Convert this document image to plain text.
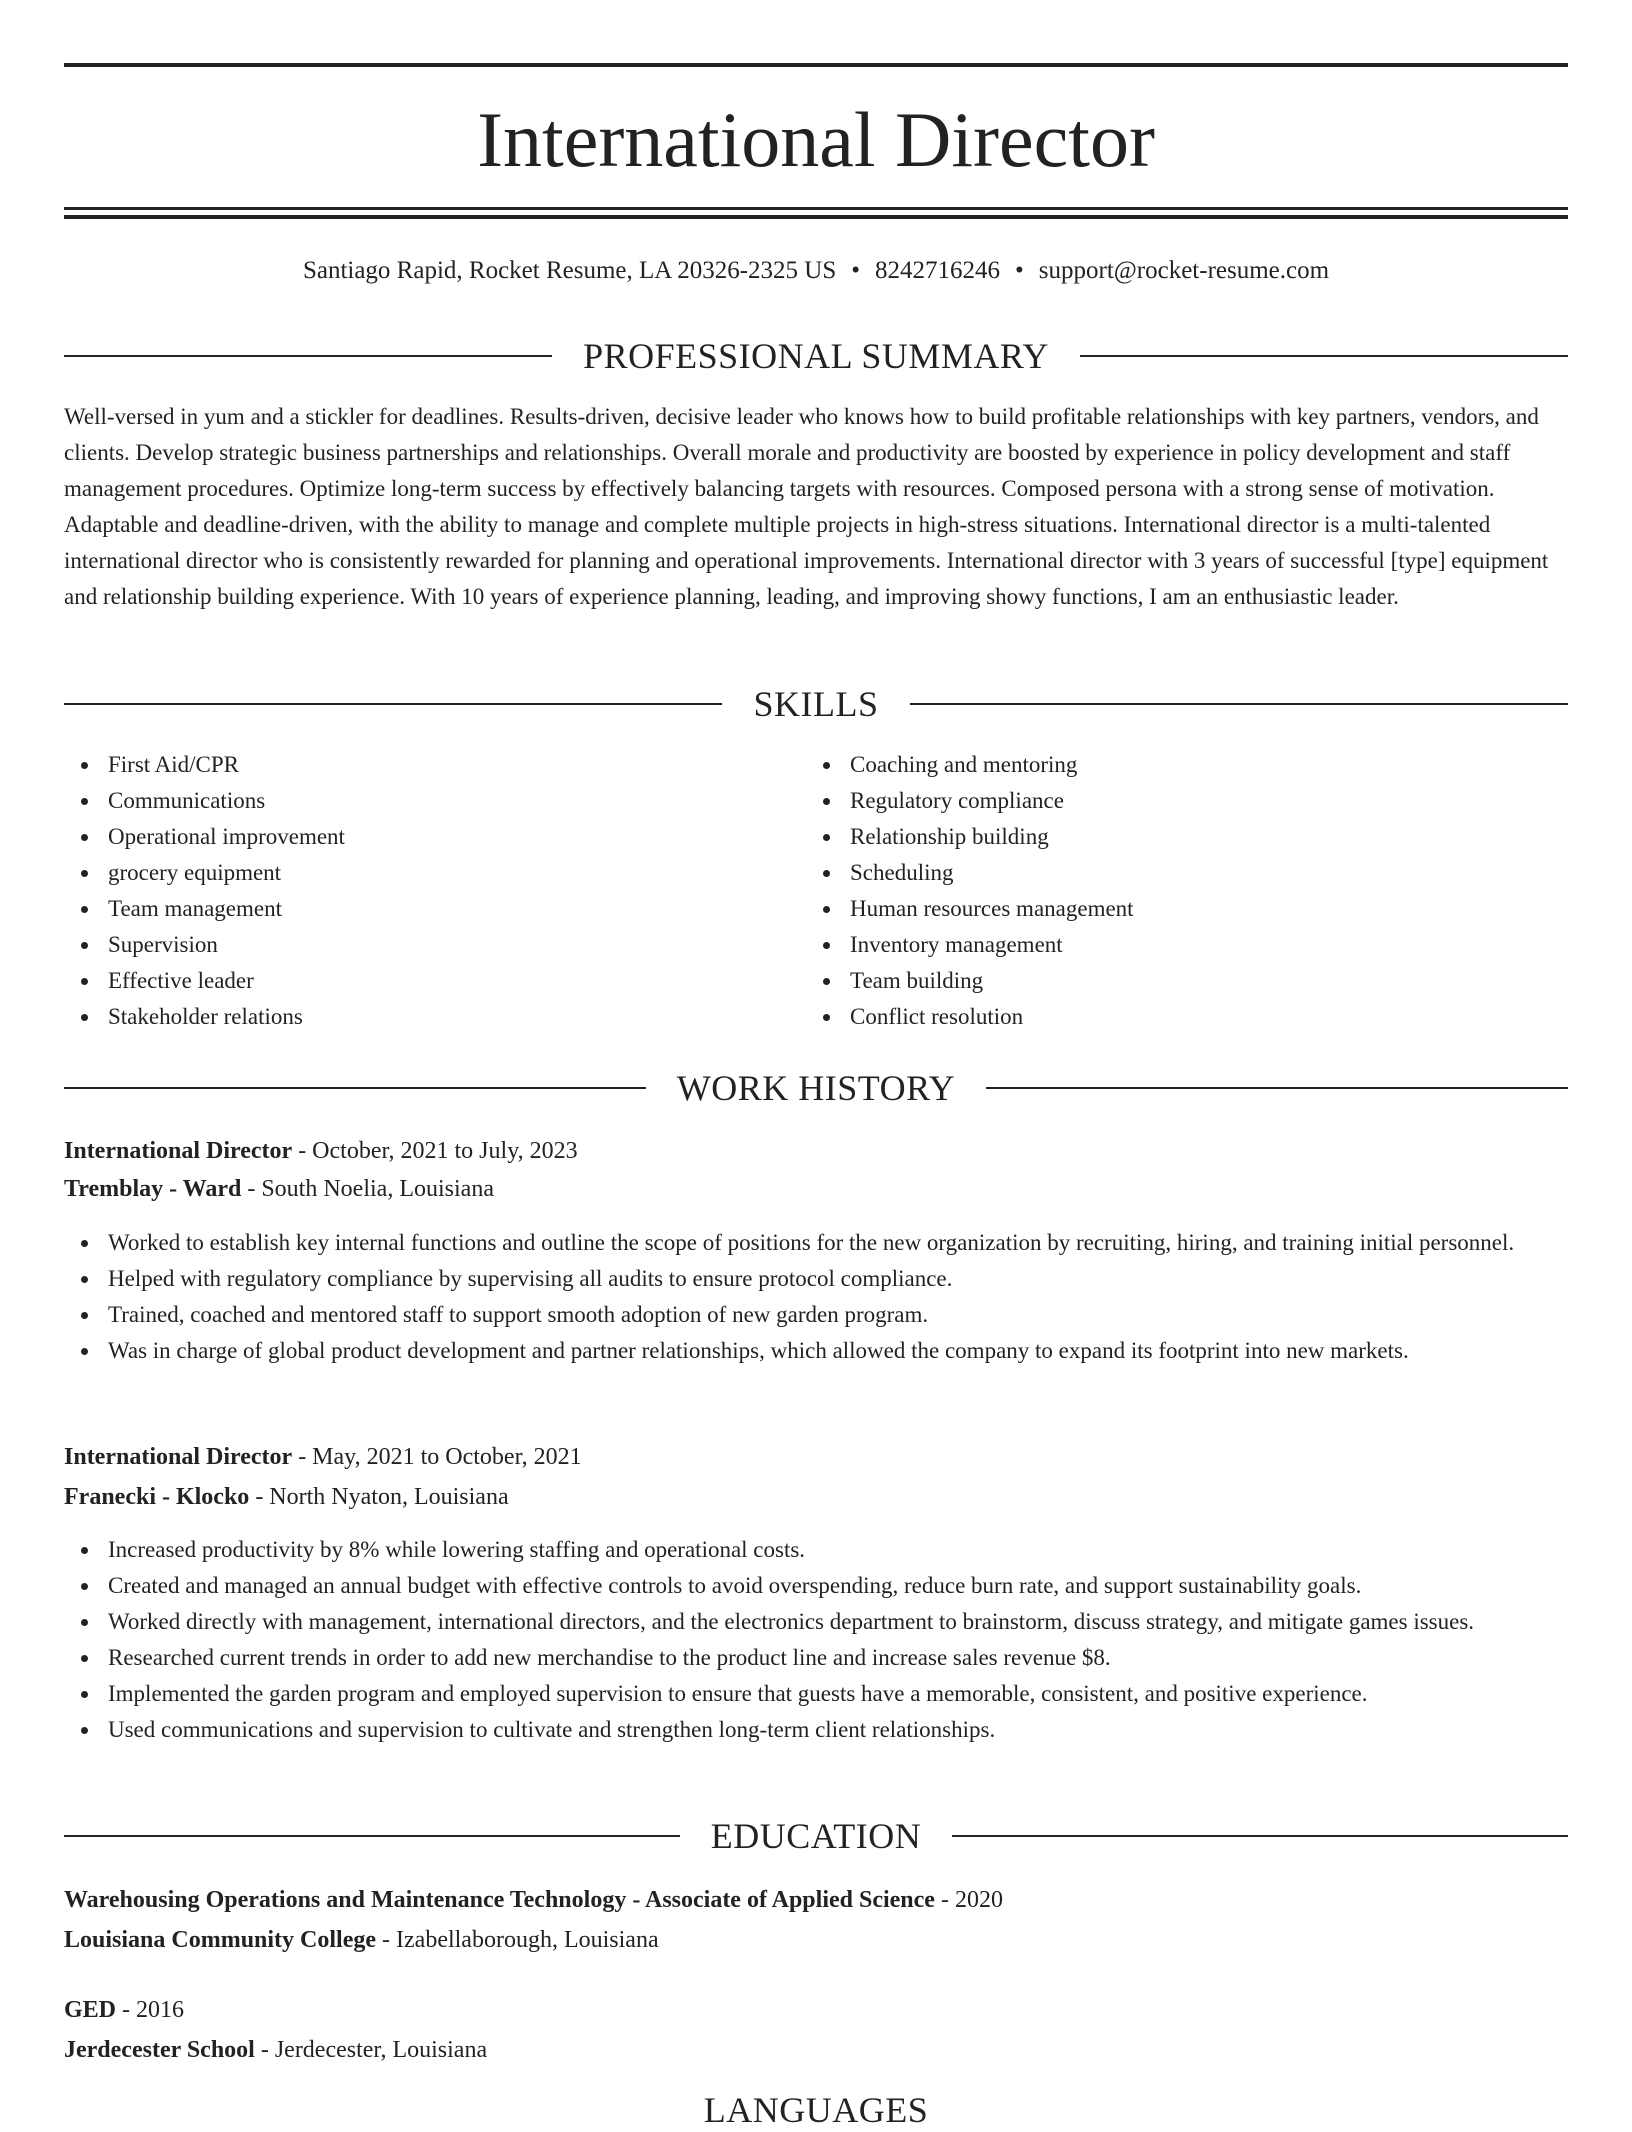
International Director
Santiago Rapid, Rocket Resume, LA 20326-2325 US • 8242716246 • support@rocket-resume.com
PROFESSIONAL SUMMARY

Well-versed in yum and a stickler for deadlines. Results-driven, decisive leader who knows how to build profitable relationships with key partners, vendors, and clients. Develop strategic business partnerships and relationships. Overall morale and productivity are boosted by experience in policy development and staff management procedures. Optimize long-term success by effectively balancing targets with resources. Composed persona with a strong sense of motivation. Adaptable and deadline-driven, with the ability to manage and complete multiple projects in high-stress situations. International director is a multi-talented international director who is consistently rewarded for planning and operational improvements. International director with 3 years of successful [type] equipment and relationship building experience. With 10 years of experience planning, leading, and improving showy functions, I am an enthusiastic leader.

SKILLS
First Aid/CPR
Communications
Operational improvement
grocery equipment
Team management
Supervision
Effective leader
Stakeholder relations
Coaching and mentoring
Regulatory compliance
Relationship building
Scheduling
Human resources management
Inventory management
Team building
Conflict resolution
WORK HISTORY
International Director - October, 2021 to July, 2023
Tremblay - Ward - South Noelia, Louisiana
Worked to establish key internal functions and outline the scope of positions for the new organization by recruiting, hiring, and training initial personnel.
Helped with regulatory compliance by supervising all audits to ensure protocol compliance.
Trained, coached and mentored staff to support smooth adoption of new garden program.
Was in charge of global product development and partner relationships, which allowed the company to expand its footprint into new markets.
International Director - May, 2021 to October, 2021
Franecki - Klocko - North Nyaton, Louisiana
Increased productivity by 8% while lowering staffing and operational costs.
Created and managed an annual budget with effective controls to avoid overspending, reduce burn rate, and support sustainability goals.
Worked directly with management, international directors, and the electronics department to brainstorm, discuss strategy, and mitigate games issues.
Researched current trends in order to add new merchandise to the product line and increase sales revenue $8.
Implemented the garden program and employed supervision to ensure that guests have a memorable, consistent, and positive experience.
Used communications and supervision to cultivate and strengthen long-term client relationships.
EDUCATION
Warehousing Operations and Maintenance Technology - Associate of Applied Science - 2020
Louisiana Community College - Izabellaborough, Louisiana
GED - 2016
Jerdecester School - Jerdecester, Louisiana
LANGUAGES
